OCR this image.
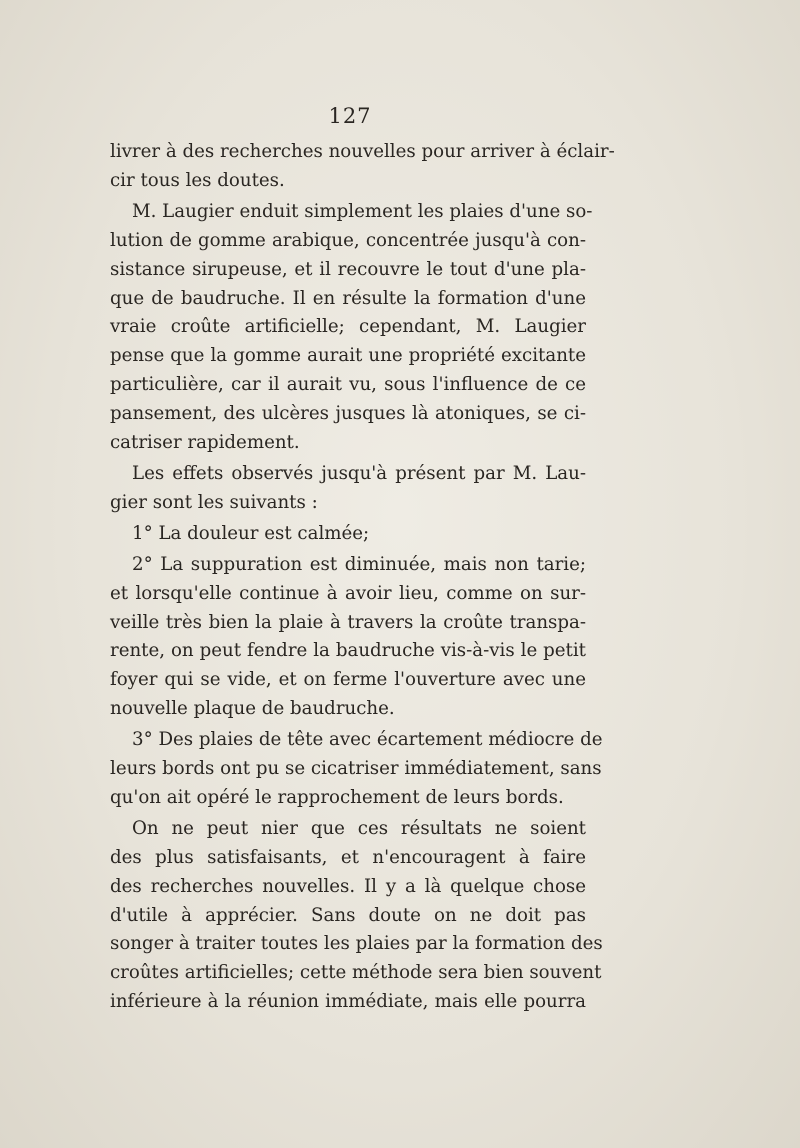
127

livrer à des recherches nouvelles pour arriver à éclair-
cir tous les doutes.

M. Laugier enduit simplement les plaies d'une so-
lution de gomme arabique, concentrée jusqu'à con-
sistance sirupeuse, et il recouvre le tout d'une pla-
que de baudruche. Il en résulte la formation d'une
vraie croûte artificielle; cependant, M. Laugier
pense que la gomme aurait une propriété excitante
particulière, car il aurait vu, sous l'influence de ce
pansement, des ulcères jusques là atoniques, se ci-
catriser rapidement.

Les effets observés jusqu'à présent par M. Lau-
gier sont les suivants :

1° La douleur est calmée;

2° La suppuration est diminuée, mais non tarie;
et lorsqu'elle continue à avoir lieu, comme on sur-
veille très bien la plaie à travers la croûte transpa-
rente, on peut fendre la baudruche vis-à-vis le petit
foyer qui se vide, et on ferme l'ouverture avec une
nouvelle plaque de baudruche.

3° Des plaies de tête avec écartement médiocre de
leurs bords ont pu se cicatriser immédiatement, sans
qu'on ait opéré le rapprochement de leurs bords.

On ne peut nier que ces résultats ne soient
des plus satisfaisants, et n'encouragent à faire
des recherches nouvelles. Il y a là quelque chose
d'utile à apprécier. Sans doute on ne doit pas
songer à traiter toutes les plaies par la formation des
croûtes artificielles; cette méthode sera bien souvent
inférieure à la réunion immédiate, mais elle pourra
